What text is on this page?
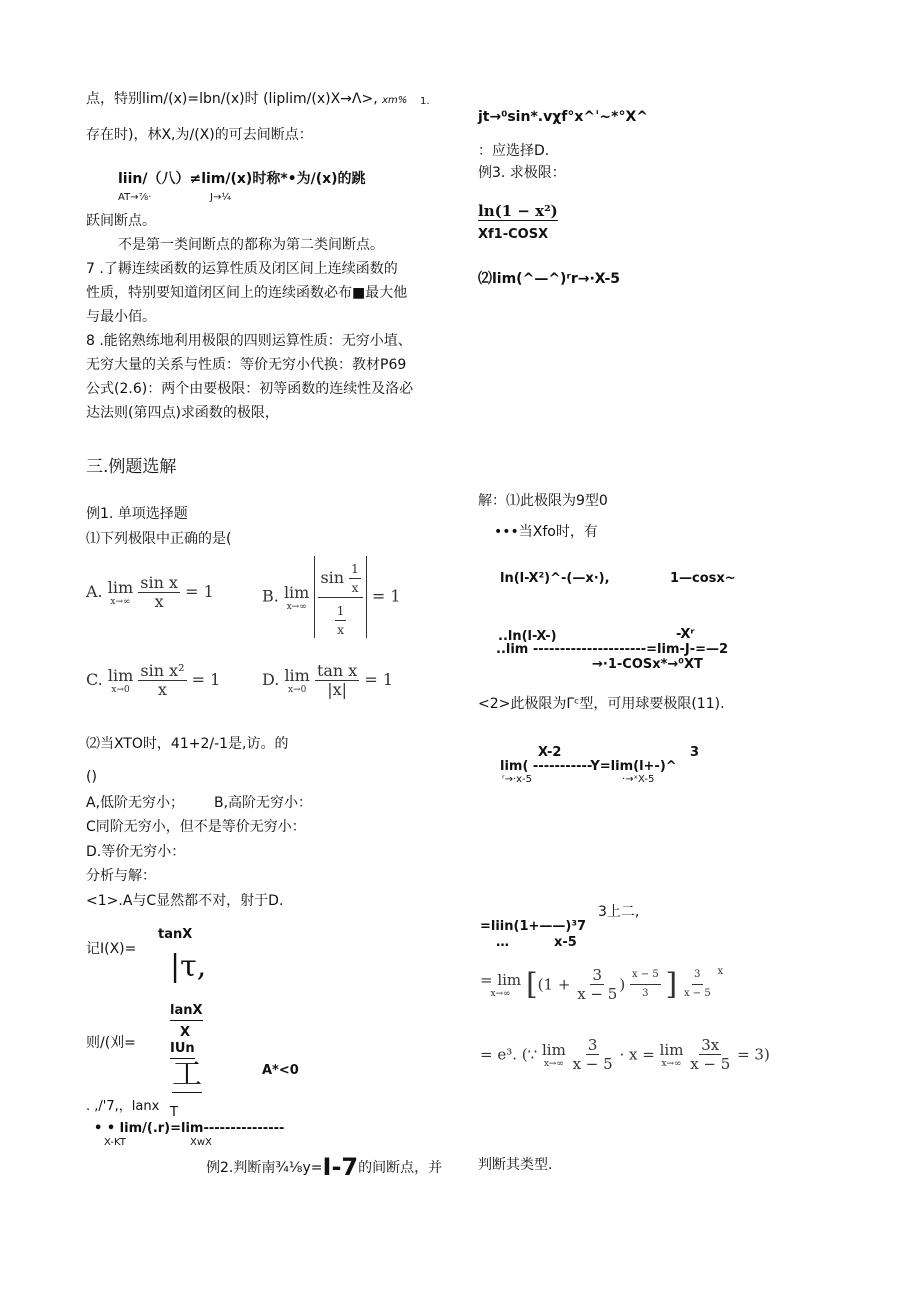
点，特别lim/(x)=lbn/(x)时 (liplim/(x)X→Λ>, xm% 1.
存在时)，林X,为/(X)的可去间断点：
liin/（八）≠lim/(x)时称*•为/(x)的跳
AT→⅞·	J→¼
跃间断点。
不是第一类间断点的都称为第二类间断点。
7 .了耨连续函数的运算性质及闭区间上连续函数的
性质，特别要知道闭区间上的连续函数必布■最大他
与最小佰。
8 .能铭熟练地利用极限的四则运算性质：无穷小埴、
无穷大量的关系与性质：等价无穷小代换：教材P69
公式(2.6)：两个由要极限：初等函数的连续性及洛必
达法则(第四点)求函数的极限，
三.例题选解
例1. 单项选择题
⑴下列极限中正确的是(
A. lim
x→∞
$\frac{\text{sin x}}{x} = 1$	B. lim
x→∞
$\frac{\sin \frac{1}{x}}{\frac{1}{x}} = 1$
C. lim
x→0
$\frac{\text{sin x²}}{x} = 1$	D. lim
x→0
$\frac{\text{tan x}}{|x|} = 1$
⑵当XTO时，41+2/-1是,访。的
()
A,低阶无穷小； B,高阶无穷小：
C同阶无穷小，但不是等价无穷小：
D.等价无穷小：
分析与解：
<1>.A与C显然都不对，射于D.
tanX
记I(X)= |τ,
lanX
X
则/(刈=	IUn
工	A*<0
. ,/'7,，lanx T
• • lim/(.r)=lim---------------
X-KT	XwX
例2.判断南¾⅛y=I-7的间断点，并
jt→⁰sin*.vχf°x^ˈ~*°X^
：应选择D.
例3. 求极限：
ln(1 − x²)
Xf1-COSX
⑵lim(^—^)ʳr→·X-5
解：⑴此极限为9型0
•••当Xfo时，有
ln(l-X²)^-(—x·),	1—cosx~
..ln(l-X-)	-Xʳ
..lim ---------------------=lim-J-=—2
→·1-COSx*→⁰XT
<2>此极限为Γᶜ型，可用球要极限(11).
X-2	3
lim( -----------Y=lim(l+-)^
ʳ→·x-5	·→ˣX-5
3上二,
=liin(1+——)³7
…	x-5
= lim
x→∞ [($1 + \frac{3}{x - 5}$ ) $\frac{x - 5}{3}$ ] $\frac{3}{x - 5} ^x$
= e³. (∵ lim
x→∞
$\frac{3}{x - 5} \cdot x = \lim$
x→∞
$\frac{3x}{x - 5} = 3$)
判断其类型.
